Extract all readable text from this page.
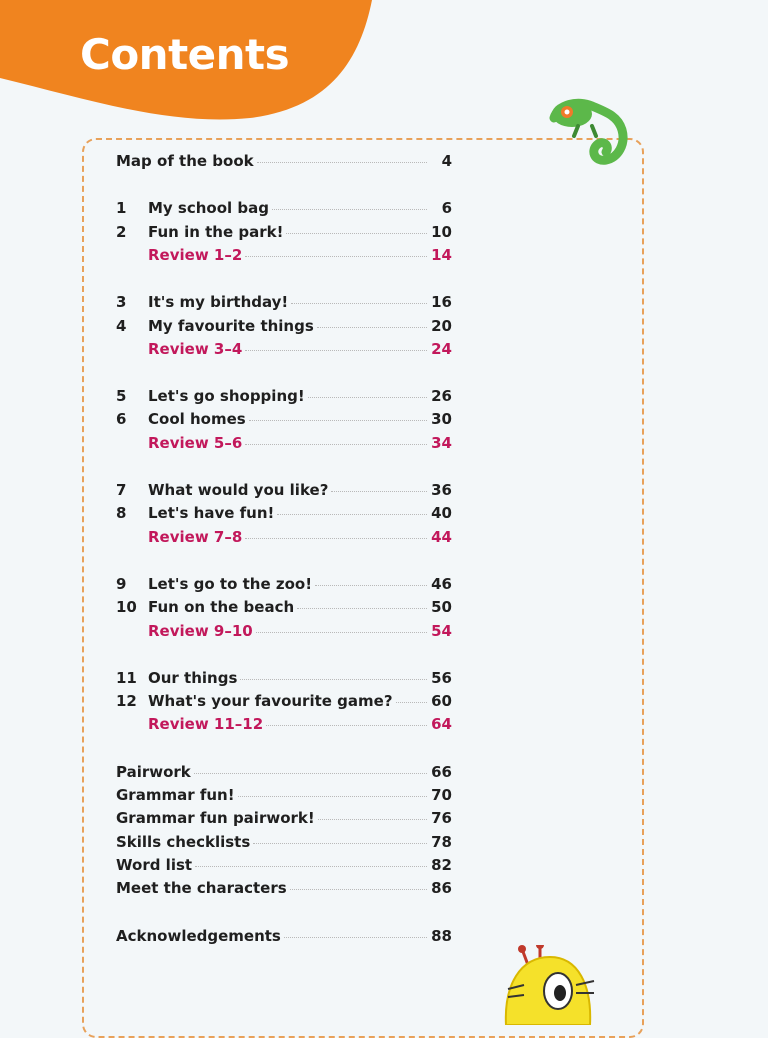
Contents
Map of the book	4
1	My school bag	6
2	Fun in the park!	10
Review 1–2	14
3	It's my birthday!	16
4	My favourite things	20
Review 3–4	24
5	Let's go shopping!	26
6	Cool homes	30
Review 5–6	34
7	What would you like?	36
8	Let's have fun!	40
Review 7–8	44
9	Let's go to the zoo!	46
10 Fun on the beach	50
Review 9–10	54
11 Our things	56
12 What's your favourite game?	60
Review 11–12	64
Pairwork	66
Grammar fun!	70
Grammar fun pairwork!	76
Skills checklists	78
Word list	82
Meet the characters	86
Acknowledgements	88
